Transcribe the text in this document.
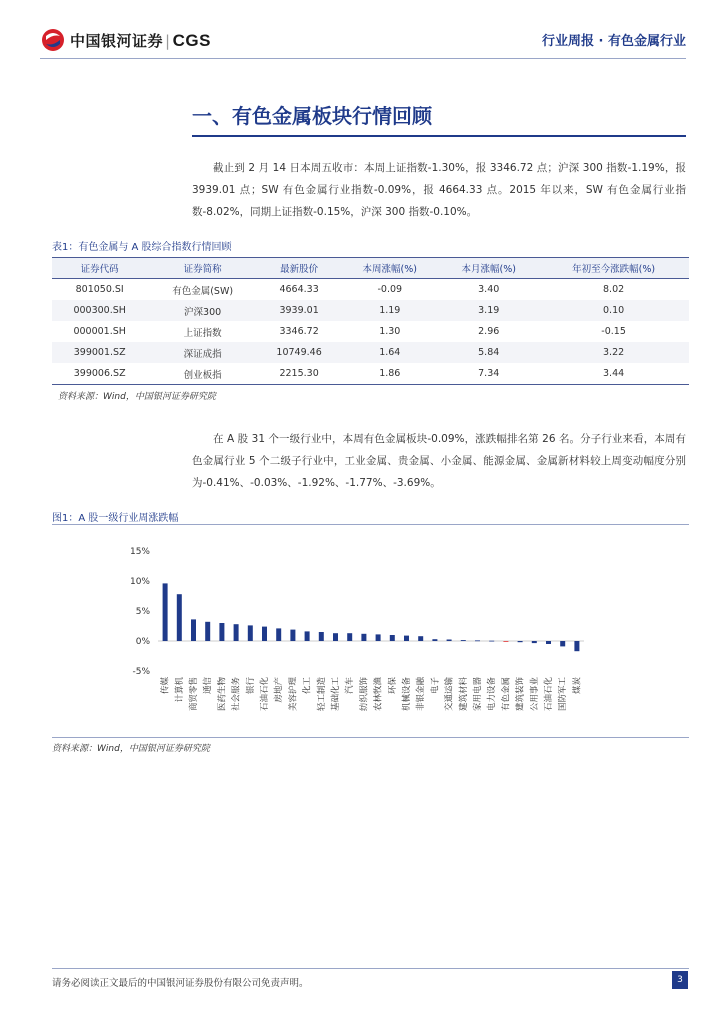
中国银河证券 | CGS	行业周报 · 有色金属行业
一、有色金属板块行情回顾
截止到 2 月 14 日本周五收市：本周上证指数-1.30%，报 3346.72 点；沪深 300 指数-1.19%，报 3939.01 点；SW 有色金属行业指数-0.09%，报 4664.33 点。2015 年以来，SW 有色金属行业指数-8.02%，同期上证指数-0.15%，沪深 300 指数-0.10%。
表1：有色金属与 A 股综合指数行情回顾
证券代码	证券简称	最新股价	本周涨幅(%)	本月涨幅(%)	年初至今涨跌幅(%)
801050.SI	有色金属(SW)	4664.33	-0.09	3.40	8.02
000300.SH	沪深300	3939.01	1.19	3.19	0.10
000001.SH	上证指数	3346.72	1.30	2.96	-0.15
399001.SZ	深证成指	10749.46	1.64	5.84	3.22
399006.SZ	创业板指	2215.30	1.86	7.34	3.44
资料来源：Wind，中国银河证券研究院
在 A 股 31 个一级行业中，本周有色金属板块-0.09%，涨跌幅排名第 26 名。分子行业来看，本周有色金属行业 5 个二级子行业中，工业金属、贵金属、小金属、能源金属、金属新材料较上周变动幅度分别为-0.41%、-0.03%、-1.92%、-1.77%、-3.69%。
图1：A 股一级行业周涨跌幅
15%
10%
5%
0%
-5%
传媒 计算机 商贸零售 通信 医药生物 社会服务 银行 石油石化 房地产 美容护理 化工 轻工制造 基础化工 汽车 纺织服饰 农林牧渔 环保 机械设备 非银金融 电子 交通运输 建筑材料 家用电器 电力设备 有色金属 建筑装饰 公用事业 石油石化 国防军工 煤炭
资料来源：Wind，中国银河证券研究院
请务必阅读正文最后的中国银河证券股份有限公司免责声明。	3
